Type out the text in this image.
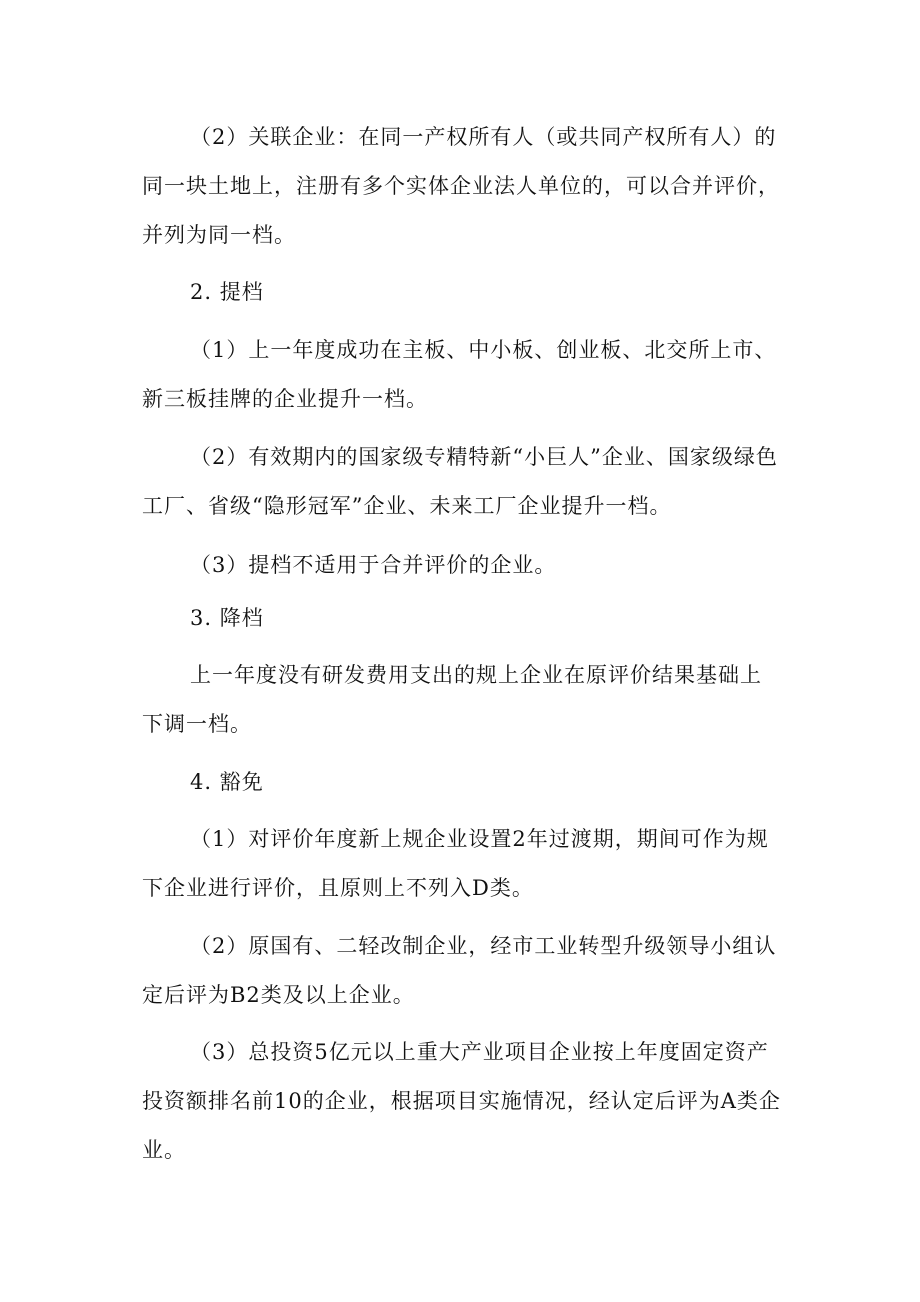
（2）关联企业：在同一产权所有人（或共同产权所有人）的同一块土地上，注册有多个实体企业法人单位的，可以合并评价，并列为同一档。

2. 提档

（1）上一年度成功在主板、中小板、创业板、北交所上市、新三板挂牌的企业提升一档。

（2）有效期内的国家级专精特新“小巨人”企业、国家级绿色工厂、省级“隐形冠军”企业、未来工厂企业提升一档。

（3）提档不适用于合并评价的企业。

3. 降档

上一年度没有研发费用支出的规上企业在原评价结果基础上下调一档。

4. 豁免

（1）对评价年度新上规企业设置2年过渡期，期间可作为规下企业进行评价，且原则上不列入D类。

（2）原国有、二轻改制企业，经市工业转型升级领导小组认定后评为B2类及以上企业。

（3）总投资5亿元以上重大产业项目企业按上年度固定资产投资额排名前10的企业，根据项目实施情况，经认定后评为A类企业。
